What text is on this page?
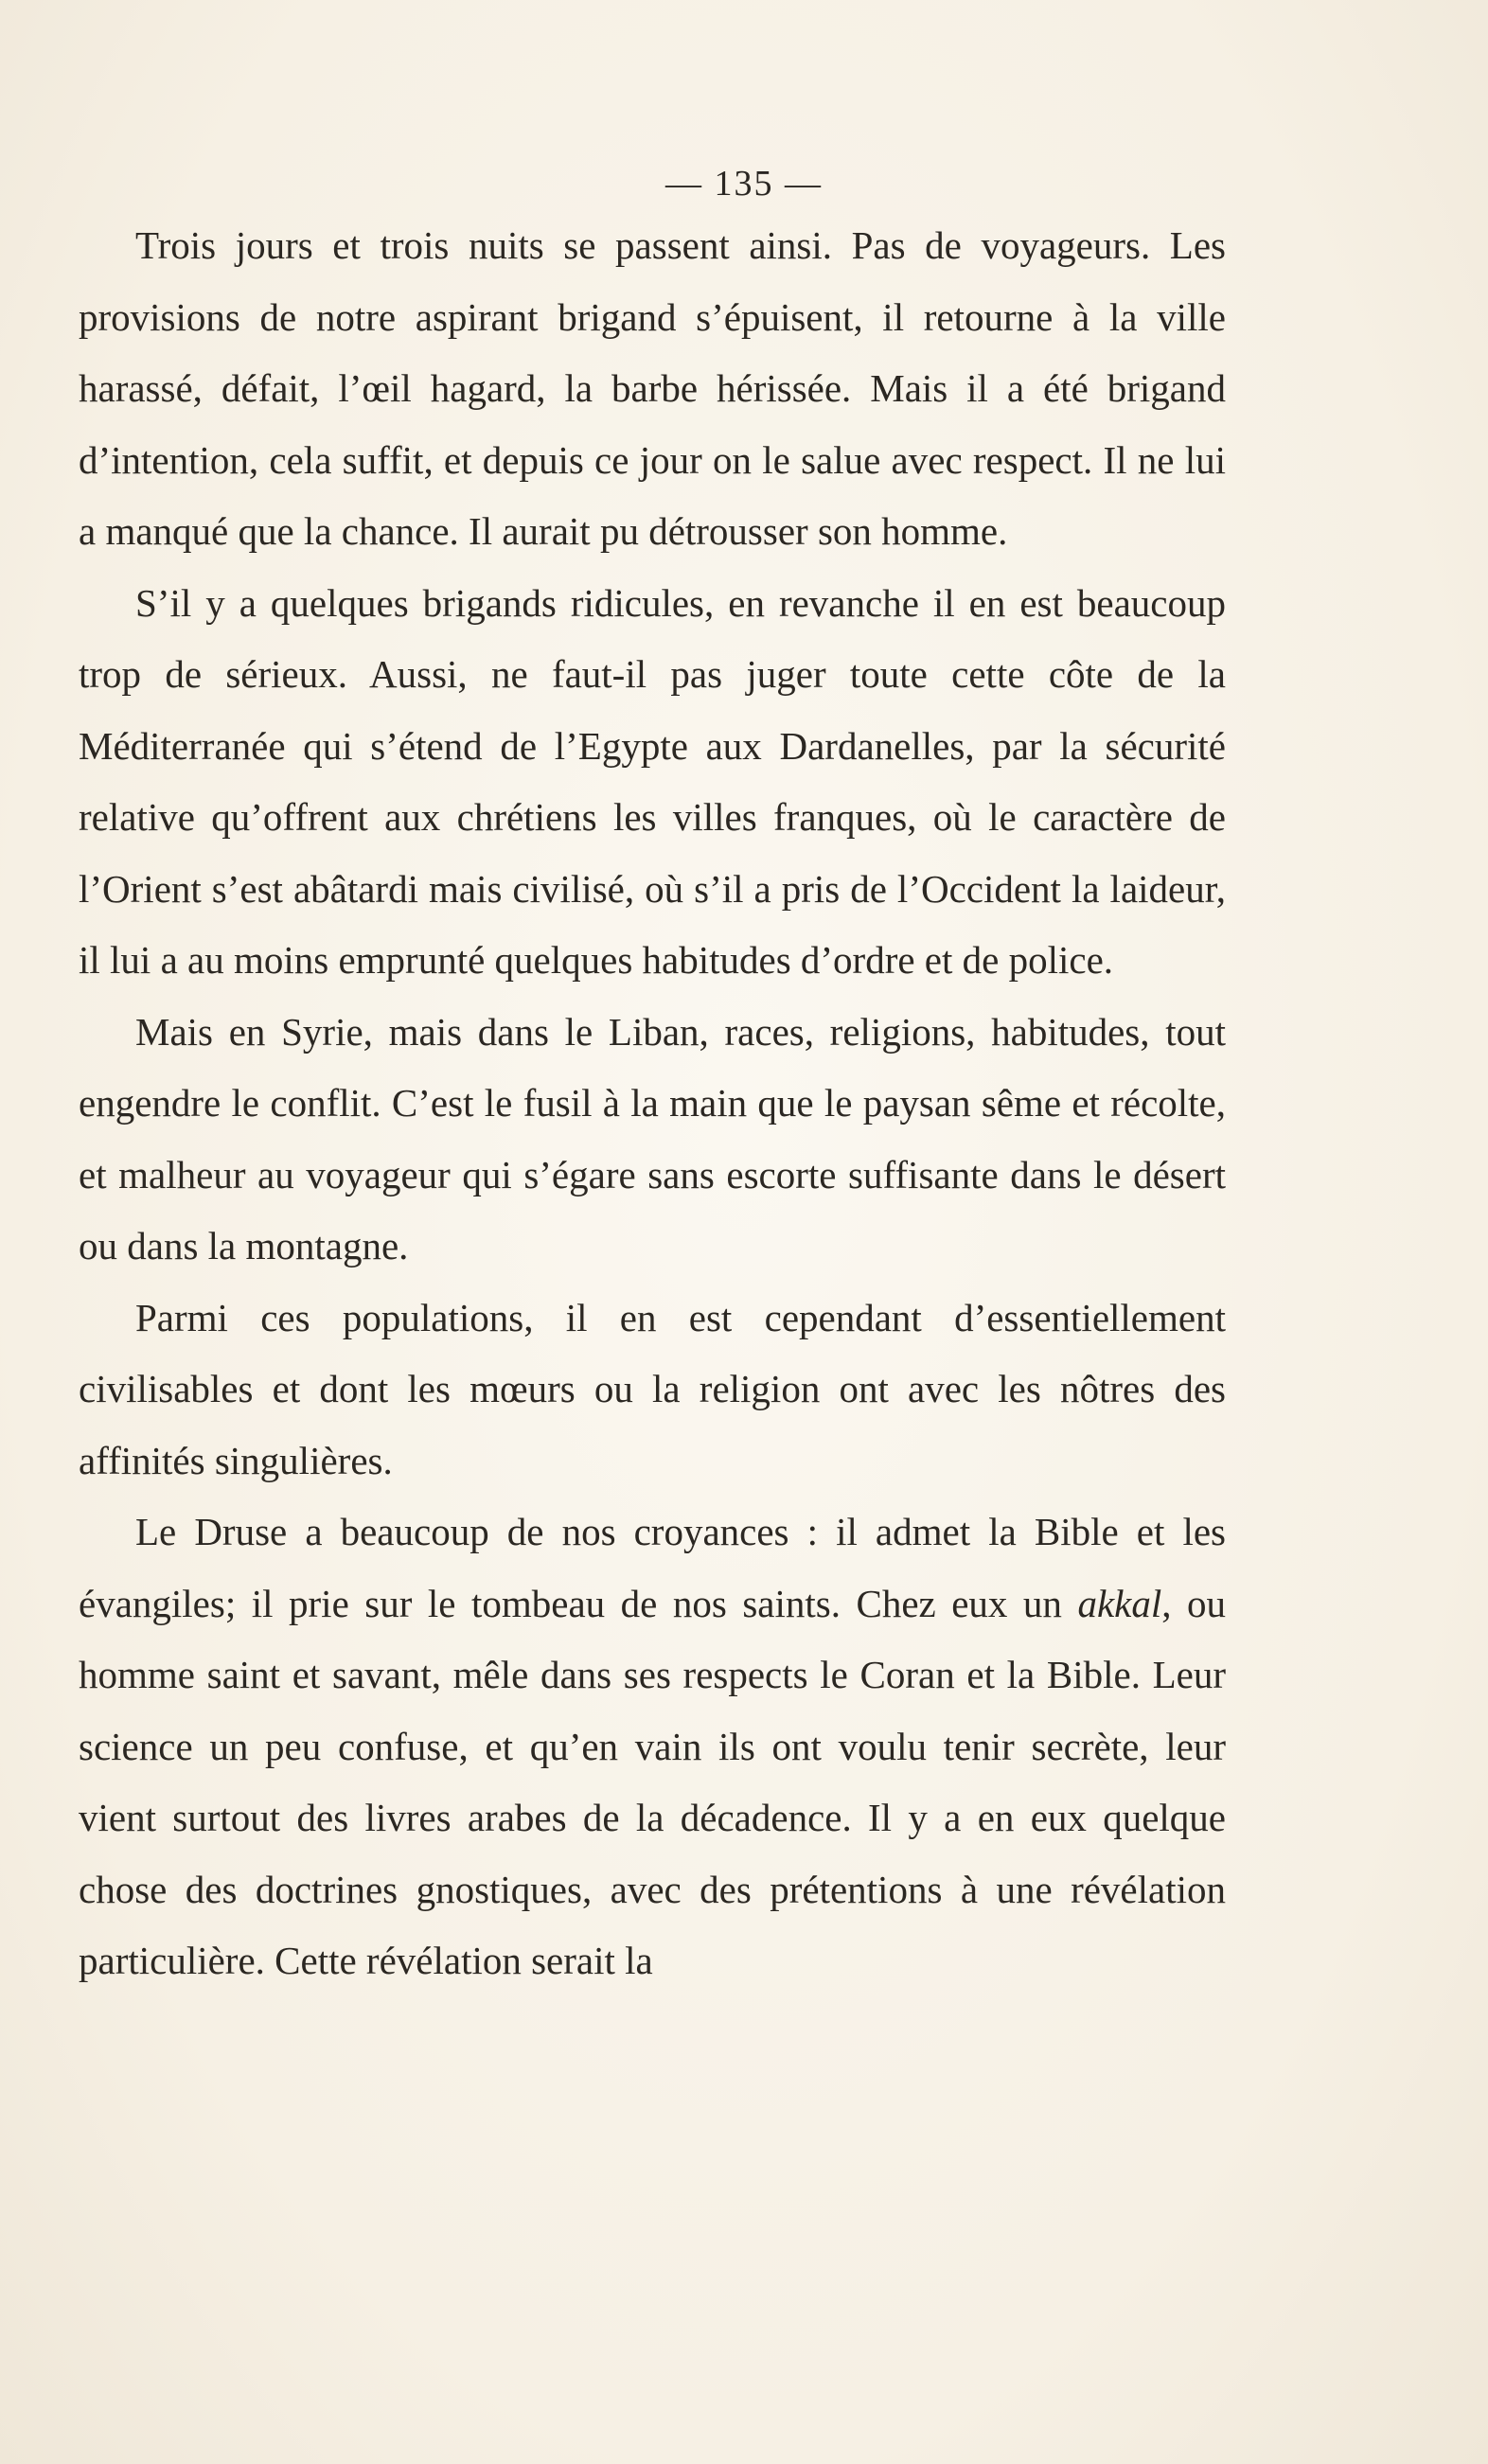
— 135 —

Trois jours et trois nuits se passent ainsi. Pas de voyageurs. Les provisions de notre aspirant brigand s’épuisent, il retourne à la ville harassé, défait, l’œil hagard, la barbe hérissée. Mais il a été brigand d’intention, cela suffit, et depuis ce jour on le salue avec respect. Il ne lui a manqué que la chance. Il aurait pu détrousser son homme.

S’il y a quelques brigands ridicules, en revanche il en est beaucoup trop de sérieux. Aussi, ne faut-il pas juger toute cette côte de la Méditerranée qui s’étend de l’Egypte aux Dardanelles, par la sécurité relative qu’offrent aux chrétiens les villes franques, où le caractère de l’Orient s’est abâtardi mais civilisé, où s’il a pris de l’Occident la laideur, il lui a au moins emprunté quelques habitudes d’ordre et de police.

Mais en Syrie, mais dans le Liban, races, religions, habitudes, tout engendre le conflit. C’est le fusil à la main que le paysan sême et récolte, et malheur au voyageur qui s’égare sans escorte suffisante dans le désert ou dans la montagne.

Parmi ces populations, il en est cependant d’essentiellement civilisables et dont les mœurs ou la religion ont avec les nôtres des affinités singulières.

Le Druse a beaucoup de nos croyances : il admet la Bible et les évangiles; il prie sur le tombeau de nos saints. Chez eux un akkal, ou homme saint et savant, mêle dans ses respects le Coran et la Bible. Leur science un peu confuse, et qu’en vain ils ont voulu tenir secrète, leur vient surtout des livres arabes de la décadence. Il y a en eux quelque chose des doctrines gnostiques, avec des prétentions à une révélation particulière. Cette révélation serait la
